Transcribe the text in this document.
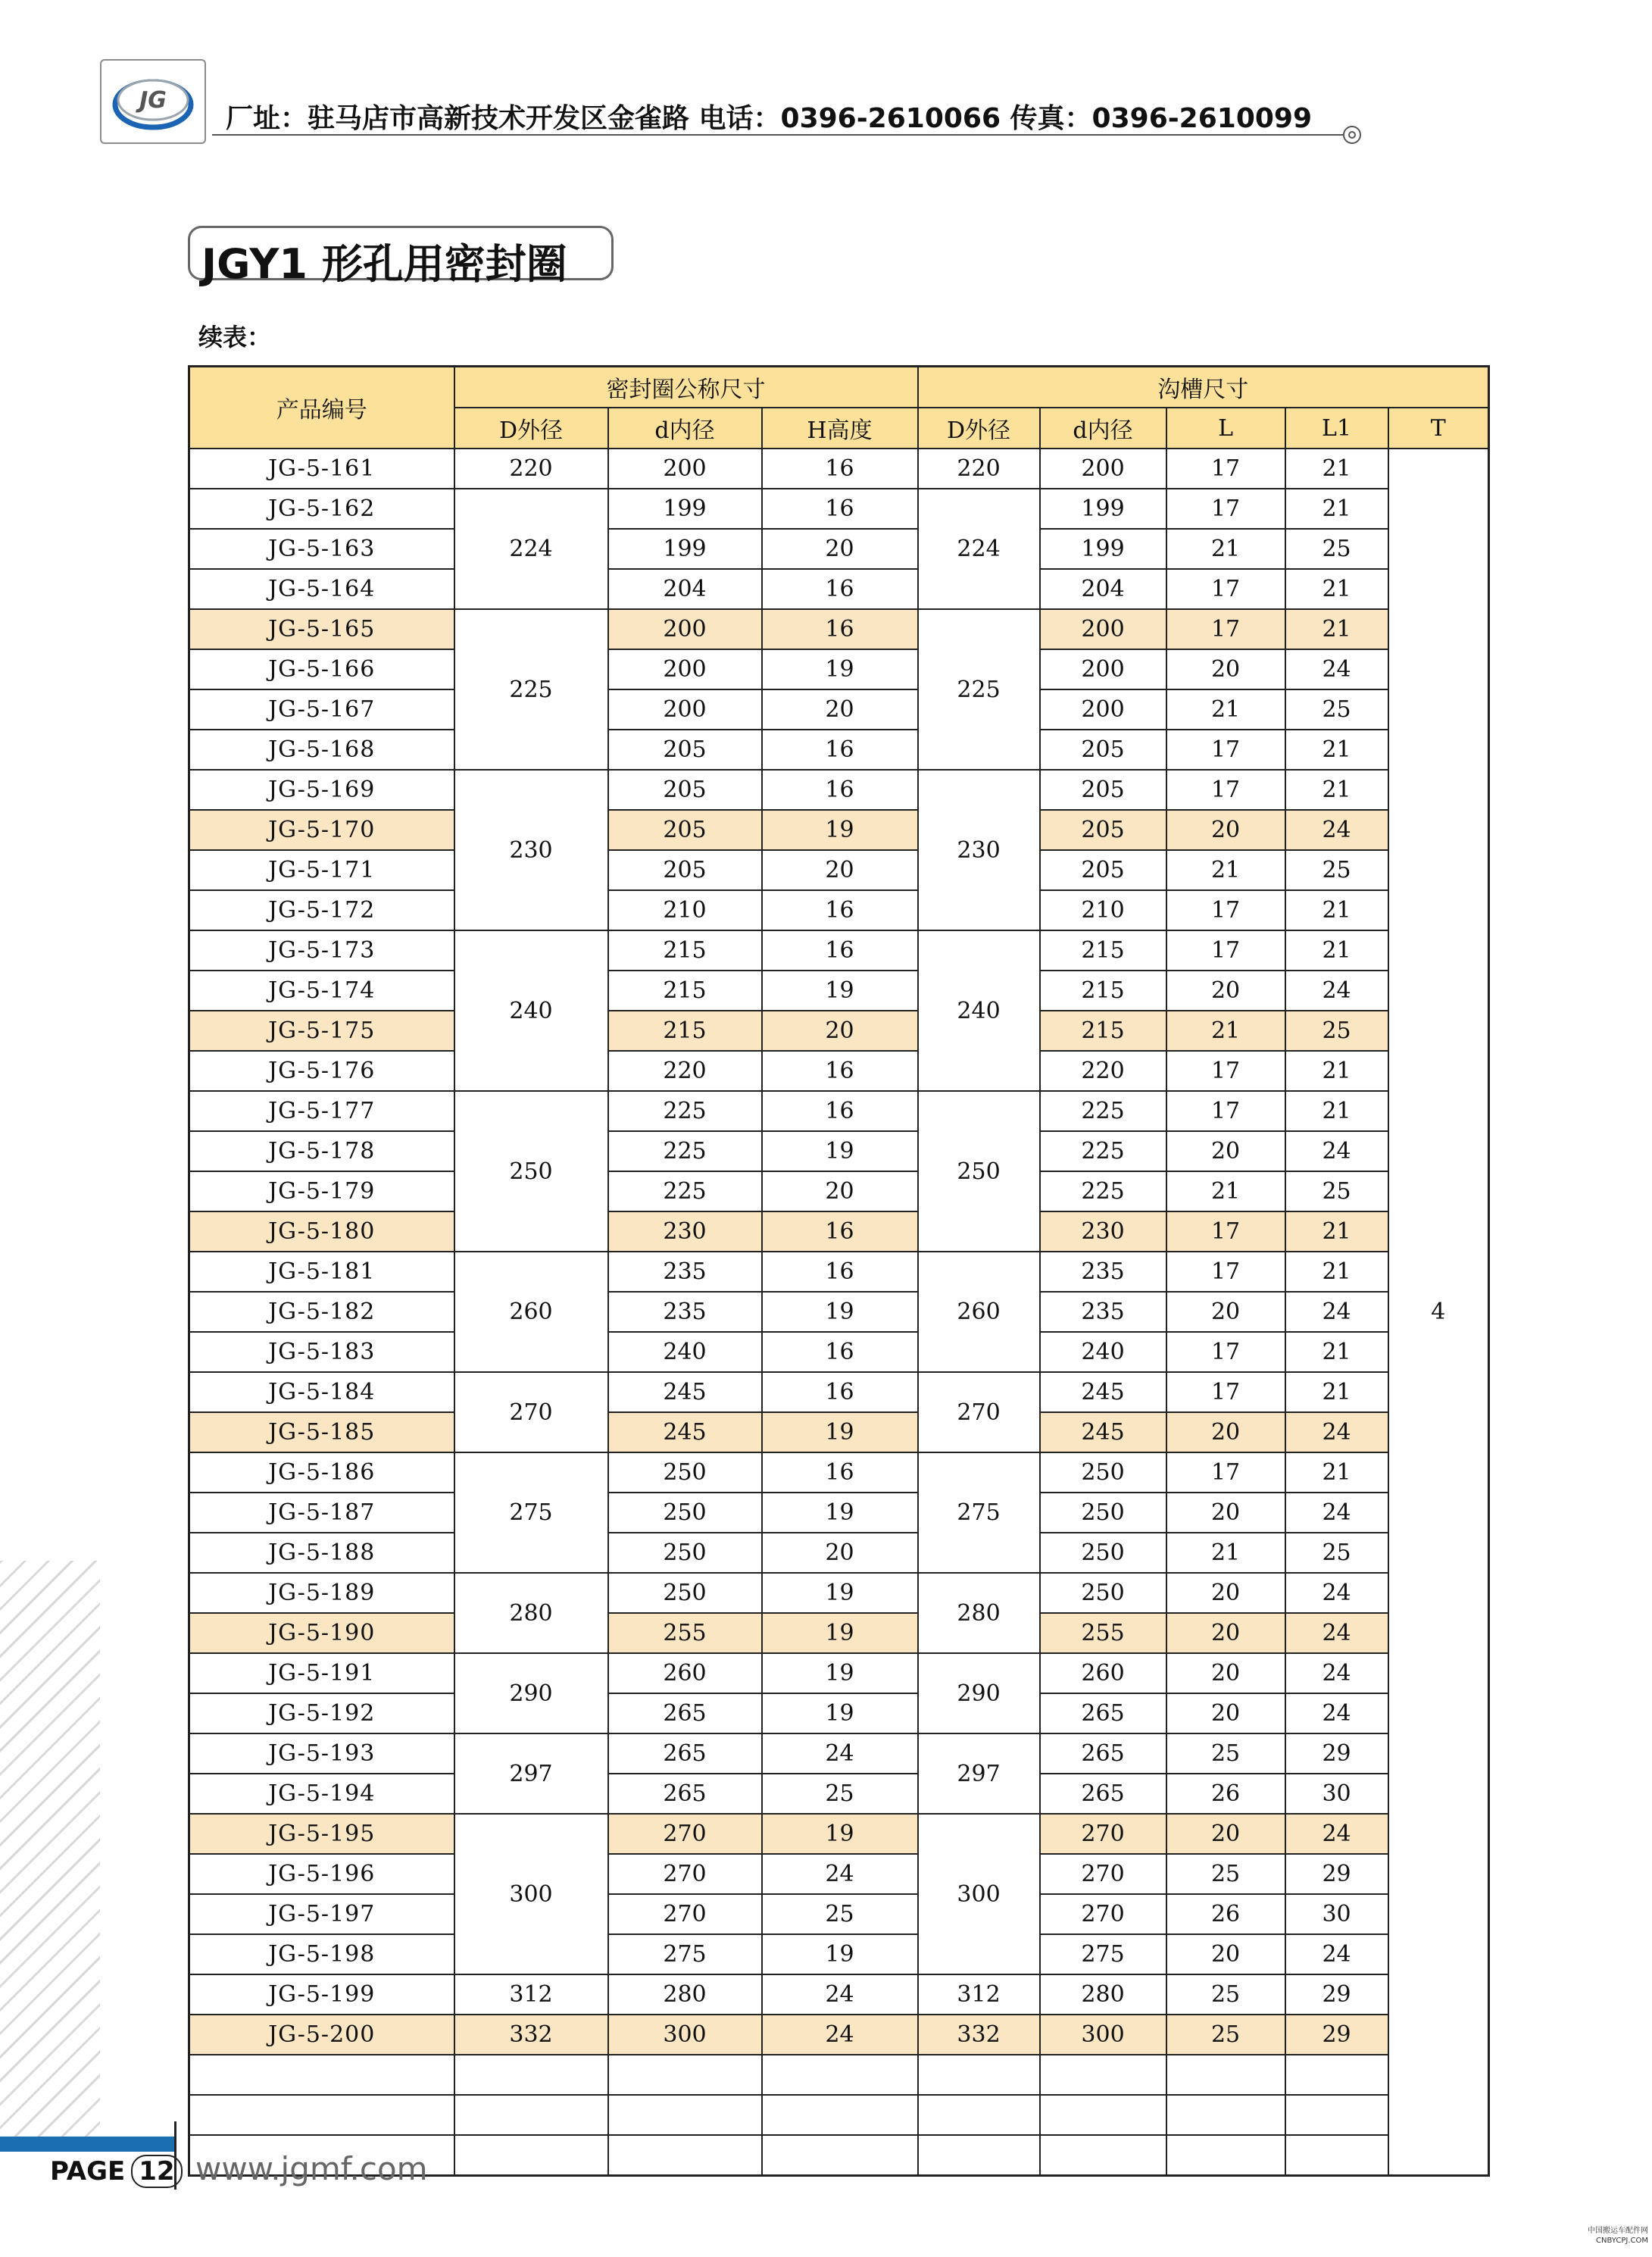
JG
厂址：驻马店市高新技术开发区金雀路 电话：0396-2610066 传真：0396-2610099
JGY1 形孔用密封圈
续表：
产品编号	密封圈公称尺寸			沟槽尺寸				
	D外径	d内径	H高度	D外径	d内径	L	L1	T
JG-5-161	220	200	16	220	200	17	21	4
JG-5-162	224	199	16	224	199	17	21	
JG-5-163		199	20		199	21	25	
JG-5-164		204	16		204	17	21	
JG-5-165	225	200	16	225	200	17	21	
JG-5-166		200	19		200	20	24	
JG-5-167		200	20		200	21	25	
JG-5-168		205	16		205	17	21	
JG-5-169	230	205	16	230	205	17	21	
JG-5-170		205	19		205	20	24	
JG-5-171		205	20		205	21	25	
JG-5-172		210	16		210	17	21	
JG-5-173	240	215	16	240	215	17	21	
JG-5-174		215	19		215	20	24	
JG-5-175		215	20		215	21	25	
JG-5-176		220	16		220	17	21	
JG-5-177	250	225	16	250	225	17	21	
JG-5-178		225	19		225	20	24	
JG-5-179		225	20		225	21	25	
JG-5-180		230	16		230	17	21	
JG-5-181	260	235	16	260	235	17	21	
JG-5-182		235	19		235	20	24	
JG-5-183		240	16		240	17	21	
JG-5-184	270	245	16	270	245	17	21	
JG-5-185		245	19		245	20	24	
JG-5-186	275	250	16	275	250	17	21	
JG-5-187		250	19		250	20	24	
JG-5-188		250	20		250	21	25	
JG-5-189	280	250	19	280	250	20	24	
JG-5-190		255	19		255	20	24	
JG-5-191	290	260	19	290	260	20	24	
JG-5-192		265	19		265	20	24	
JG-5-193	297	265	24	297	265	25	29	
JG-5-194		265	25		265	26	30	
JG-5-195	300	270	19	300	270	20	24	
JG-5-196		270	24		270	25	29	
JG-5-197		270	25		270	26	30	
JG-5-198		275	19		275	20	24	
JG-5-199	312	280	24	312	280	25	29	
JG-5-200	332	300	24	332	300	25	29	

PAGE 12 www.jgmf.com
中国搬运车配件网
CNBYCPJ.COM
